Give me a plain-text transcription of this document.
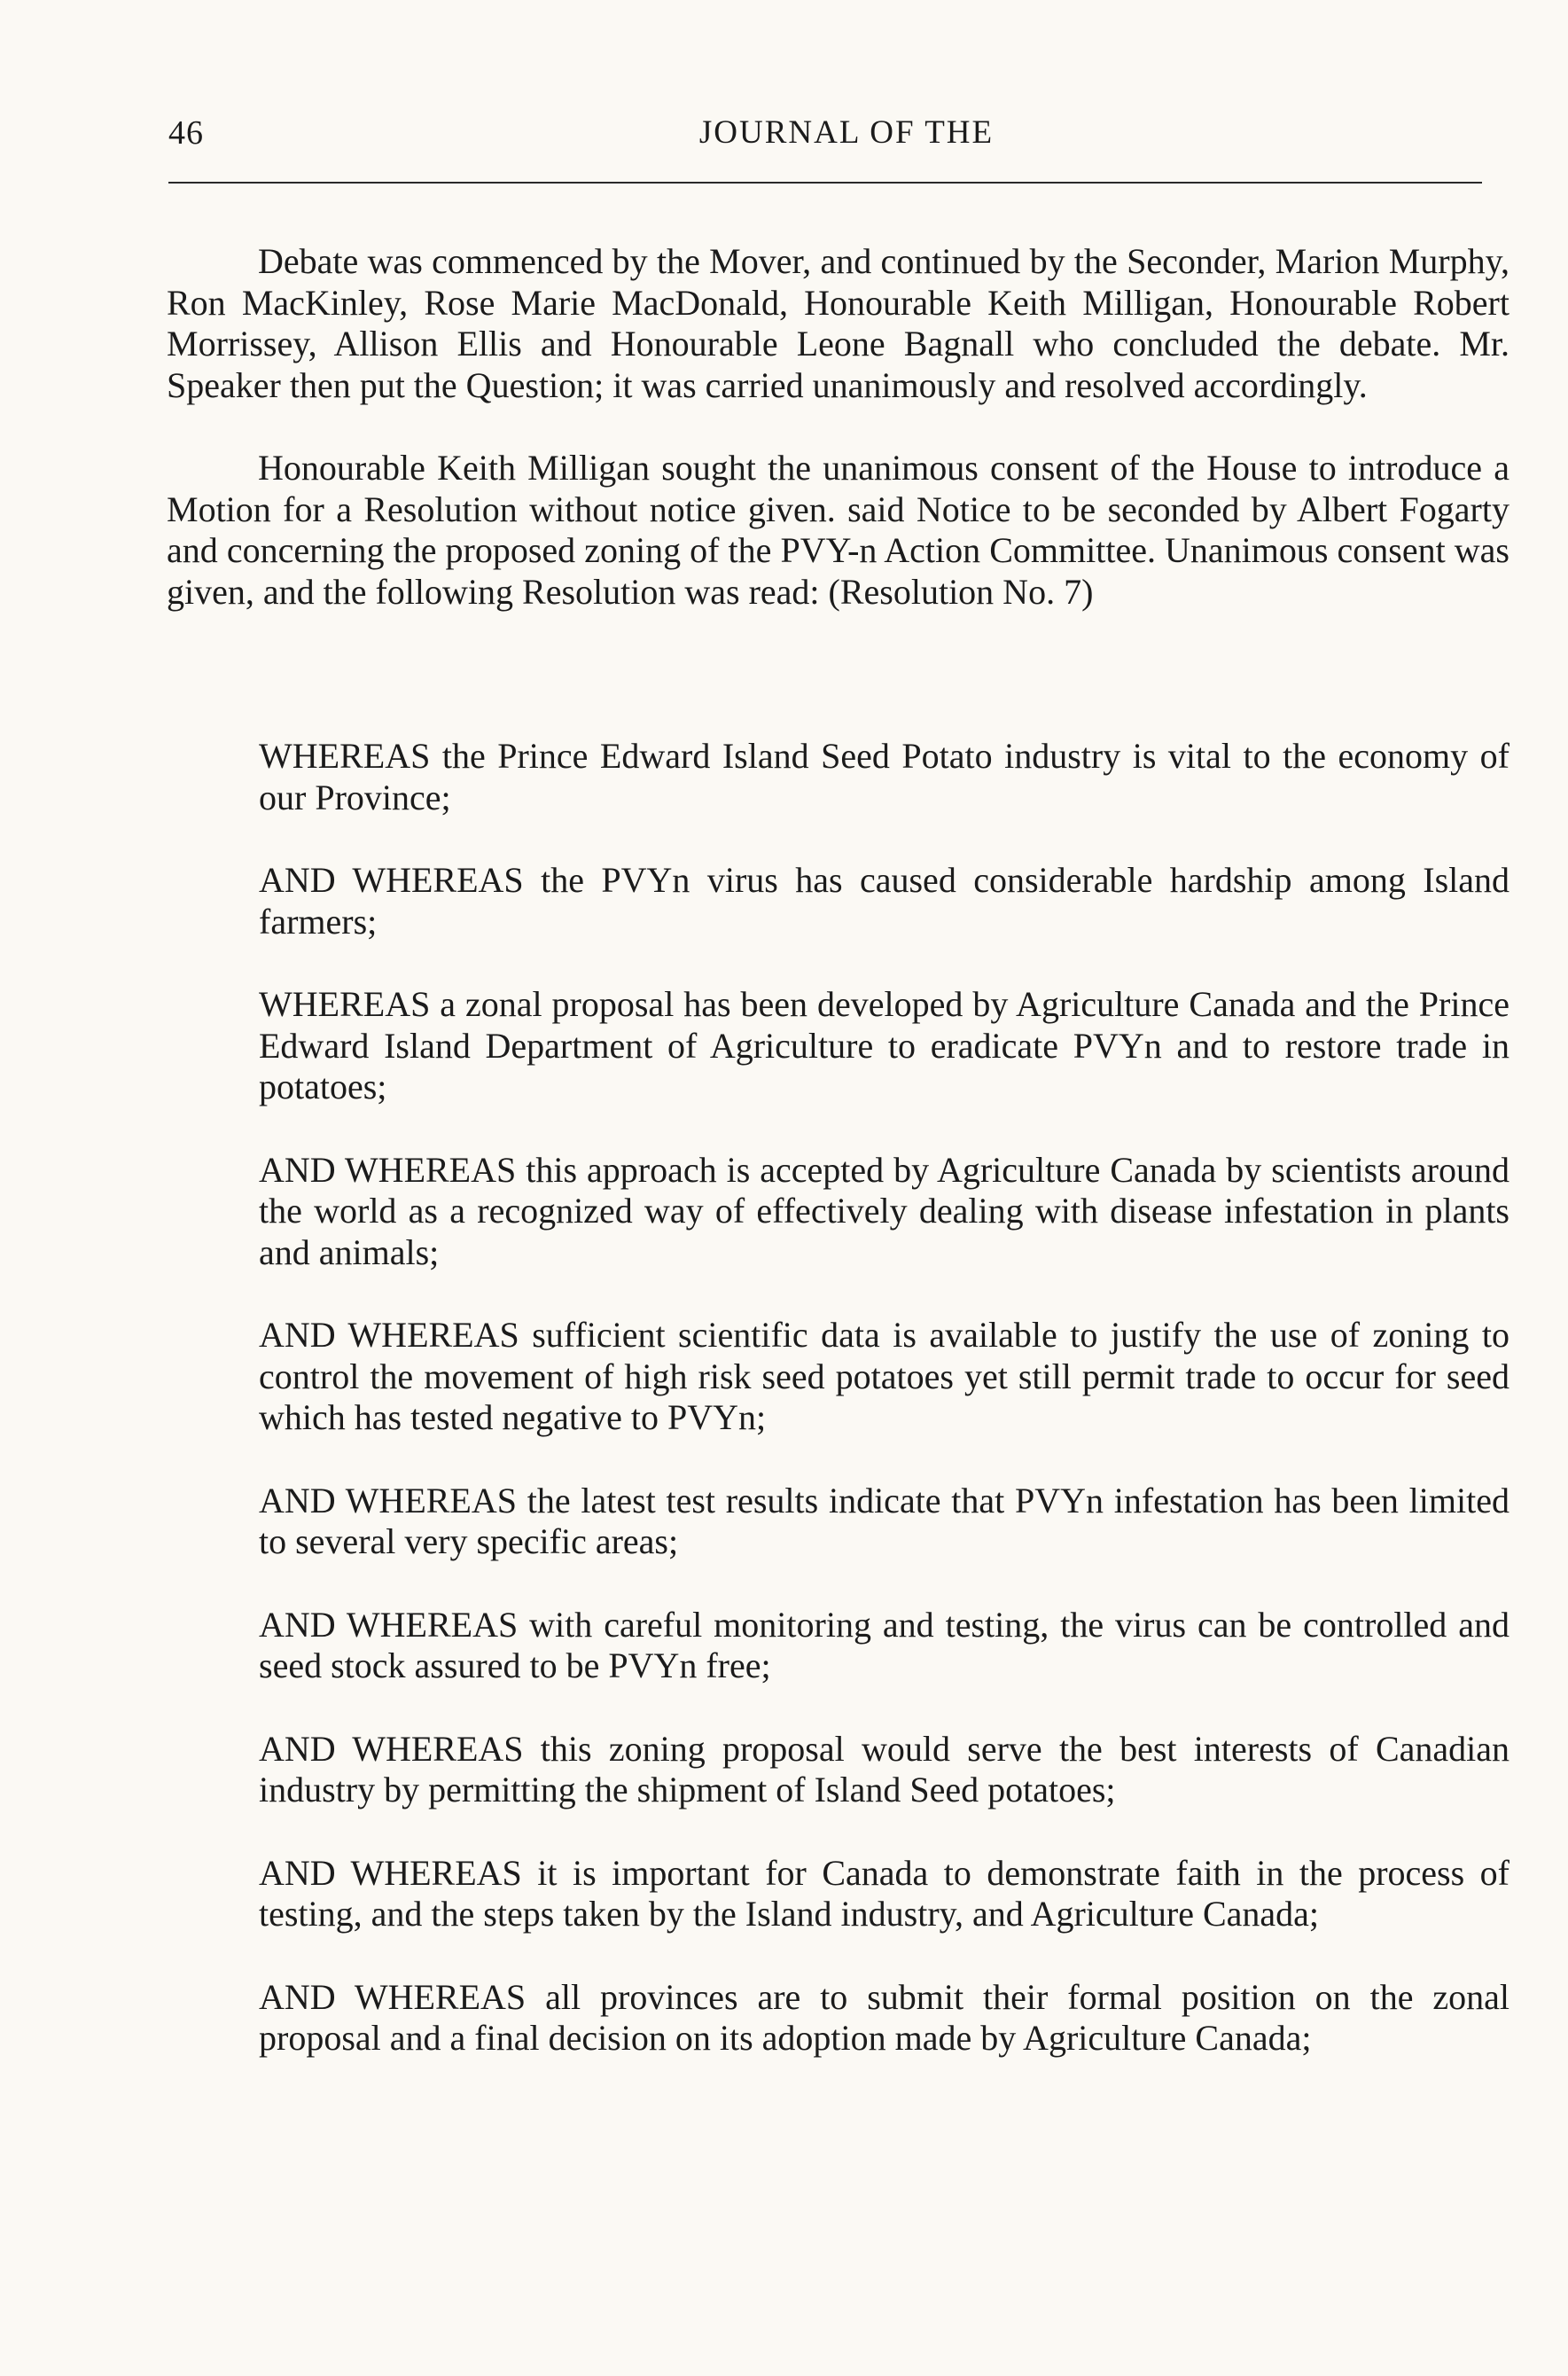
46	JOURNAL OF THE

Debate was commenced by the Mover, and continued by the Seconder, Marion Murphy, Ron MacKinley, Rose Marie MacDonald, Honourable Keith Milligan, Honourable Robert Morrissey, Allison Ellis and Honourable Leone Bagnall who concluded the debate. Mr. Speaker then put the Question; it was carried unanimously and resolved accordingly.

Honourable Keith Milligan sought the unanimous consent of the House to introduce a Motion for a Resolution without notice given. said Notice to be seconded by Albert Fogarty and concerning the proposed zoning of the PVY-n Action Committee. Unanimous consent was given, and the following Resolution was read: (Resolution No. 7)

WHEREAS the Prince Edward Island Seed Potato industry is vital to the economy of our Province;

AND WHEREAS the PVYn virus has caused considerable hardship among Island farmers;

WHEREAS a zonal proposal has been developed by Agriculture Canada and the Prince Edward Island Department of Agriculture to eradicate PVYn and to restore trade in potatoes;

AND WHEREAS this approach is accepted by Agriculture Canada by scientists around the world as a recognized way of effectively dealing with disease infestation in plants and animals;

AND WHEREAS sufficient scientific data is available to justify the use of zoning to control the movement of high risk seed potatoes yet still permit trade to occur for seed which has tested negative to PVYn;

AND WHEREAS the latest test results indicate that PVYn infestation has been limited to several very specific areas;

AND WHEREAS with careful monitoring and testing, the virus can be controlled and seed stock assured to be PVYn free;

AND WHEREAS this zoning proposal would serve the best interests of Canadian industry by permitting the shipment of Island Seed potatoes;

AND WHEREAS it is important for Canada to demonstrate faith in the process of testing, and the steps taken by the Island industry, and Agriculture Canada;

AND WHEREAS all provinces are to submit their formal position on the zonal proposal and a final decision on its adoption made by Agriculture Canada;
